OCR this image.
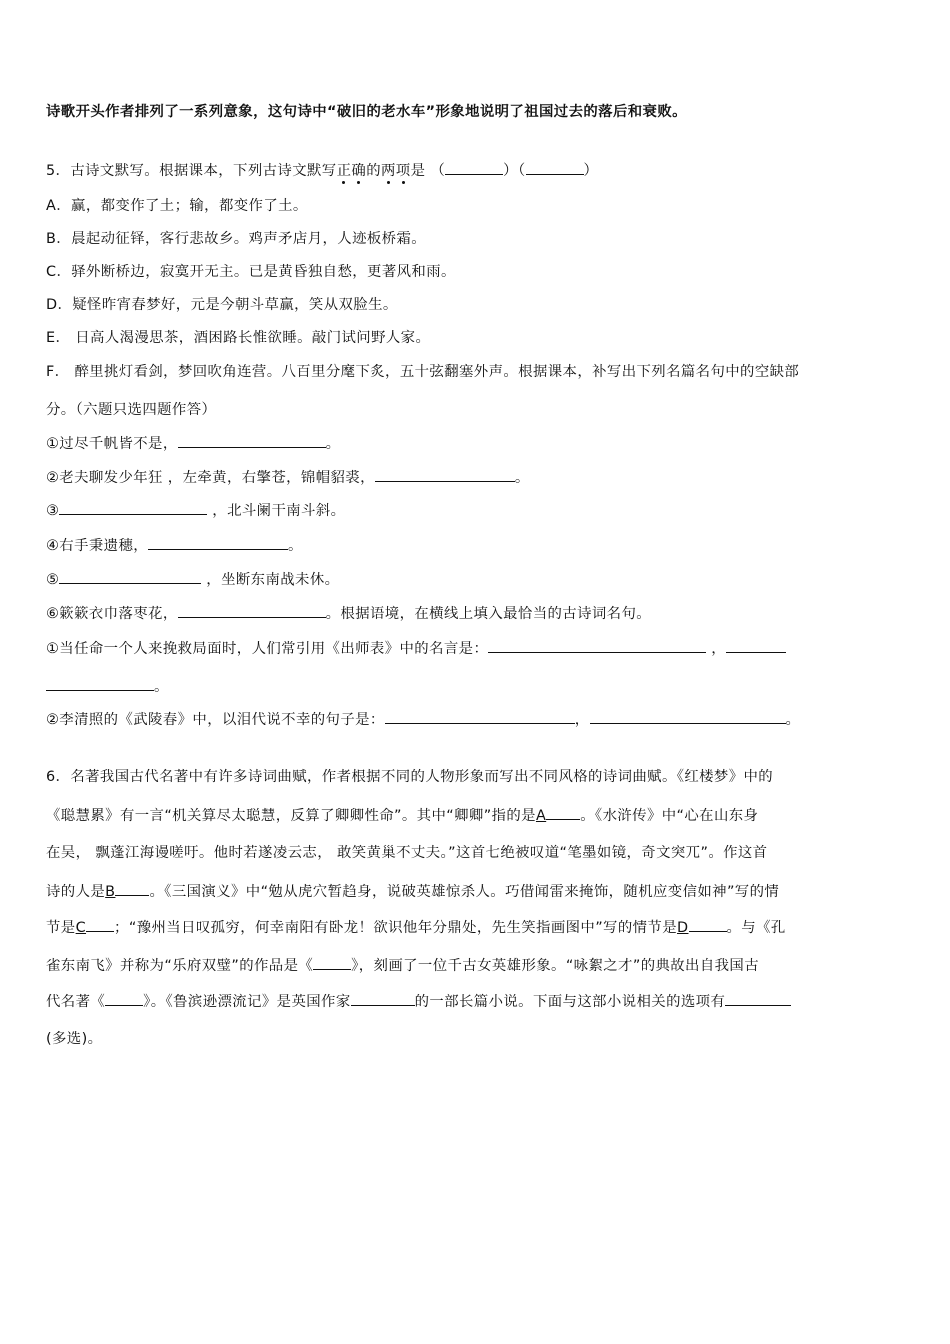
诗歌开头作者排列了一系列意象，这句诗中“破旧的老水车”形象地说明了祖国过去的落后和衰败。
5．古诗文默写。根据课本，下列古诗文默写正确的两项是 （	）（	）
A．赢，都变作了土；输，都变作了土。
B．晨起动征铎，客行悲故乡。鸡声矛店月，人迹板桥霜。
C．驿外断桥边，寂寞开无主。已是黄昏独自愁，更著风和雨。
D．疑怪昨宵春梦好，元是今朝斗草赢，笑从双脸生。
E． 日高人渴漫思茶，酒困路长惟欲睡。敲门试问野人家。
F． 醉里挑灯看剑，梦回吹角连营。八百里分麾下炙，五十弦翻塞外声。根据课本，补写出下列名篇名句中的空缺部
分。（六题只选四题作答）
①过尽千帆皆不是，	。
②老夫聊发少年狂 ，左牵黄，右擎苍，锦帽貂裘，	。
③	，北斗阑干南斗斜。
④右手秉遗穗，	。
⑤	，坐断东南战未休。
⑥簌簌衣巾落枣花，	。根据语境，在横线上填入最恰当的古诗词名句。
①当任命一个人来挽救局面时，人们常引用《出师表》中的名言是：	，
。
②李清照的《武陵春》中，以泪代说不幸的句子是：	，	。
6．名著我国古代名著中有许多诗词曲赋，作者根据不同的人物形象而写出不同风格的诗词曲赋。《红楼梦》中的
《聪慧累》有一言“机关算尽太聪慧，反算了卿卿性命”。其中“卿卿”指的是A 。《水浒传》中“心在山东身
在吴， 飘蓬江海谩嗟吁。他时若遂凌云志， 敢笑黄巢不丈夫。”这首七绝被叹道“笔墨如镜，奇文突兀”。作这首
诗的人是B 。《三国演义》中“勉从虎穴暂趋身，说破英雄惊杀人。巧借闻雷来掩饰，随机应变信如神”写的情
节是C ；“豫州当日叹孤穷，何幸南阳有卧龙！欲识他年分鼎处，先生笑指画图中”写的情节是D	。与《孔
雀东南飞》并称为“乐府双璧”的作品是《	》，刻画了一位千古女英雄形象。“咏絮之才”的典故出自我国古
代名著《	》。《鲁滨逊漂流记》是英国作家	的一部长篇小说。下面与这部小说相关的选项有
(多选)。
